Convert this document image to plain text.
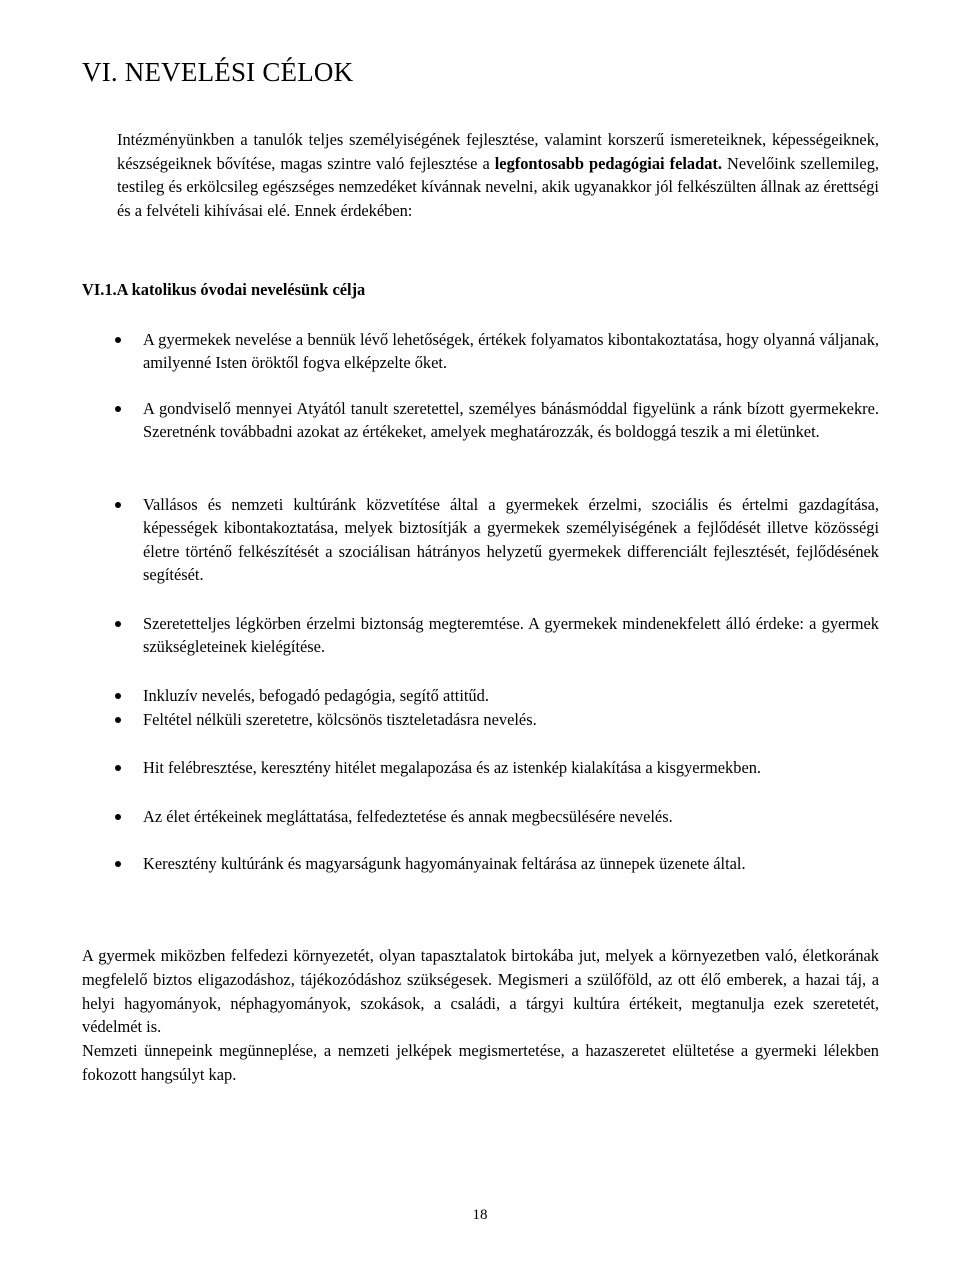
VI. NEVELÉSI CÉLOK

Intézményünkben a tanulók teljes személyiségének fejlesztése, valamint korszerű ismereteiknek, képességeiknek, készségeiknek bővítése, magas szintre való fejlesztése a legfontosabb pedagógiai feladat. Nevelőink szellemileg, testileg és erkölcsileg egészséges nemzedéket kívánnak nevelni, akik ugyanakkor jól felkészülten állnak az érettségi és a felvételi kihívásai elé. Ennek érdekében:

VI.1.A katolikus óvodai nevelésünk célja
A gyermekek nevelése a bennük lévő lehetőségek, értékek folyamatos kibontakoztatása, hogy olyanná váljanak, amilyenné Isten öröktől fogva elképzelte őket.
A gondviselő mennyei Atyától tanult szeretettel, személyes bánásmóddal figyelünk a ránk bízott gyermekekre. Szeretnénk továbbadni azokat az értékeket, amelyek meghatározzák, és boldoggá teszik a mi életünket.
Vallásos és nemzeti kultúránk közvetítése által a gyermekek érzelmi, szociális és értelmi gazdagítása, képességek kibontakoztatása, melyek biztosítják a gyermekek személyiségének a fejlődését illetve közösségi életre történő felkészítését a szociálisan hátrányos helyzetű gyermekek differenciált fejlesztését, fejlődésének segítését.
Szeretetteljes légkörben érzelmi biztonság megteremtése. A gyermekek mindenekfelett álló érdeke: a gyermek szükségleteinek kielégítése.
Inkluzív nevelés, befogadó pedagógia, segítő attitűd.
Feltétel nélküli szeretetre, kölcsönös tiszteletadásra nevelés.
Hit felébresztése, keresztény hitélet megalapozása és az istenkép kialakítása a kisgyermekben.
Az élet értékeinek megláttatása, felfedeztetése és annak megbecsülésére nevelés.
Keresztény kultúránk és magyarságunk hagyományainak feltárása az ünnepek üzenete által.

A gyermek miközben felfedezi környezetét, olyan tapasztalatok birtokába jut, melyek a környezetben való, életkorának megfelelő biztos eligazodáshoz, tájékozódáshoz szükségesek. Megismeri a szülőföld, az ott élő emberek, a hazai táj, a helyi hagyományok, néphagyományok, szokások, a családi, a tárgyi kultúra értékeit, megtanulja ezek szeretetét, védelmét is.

Nemzeti ünnepeink megünneplése, a nemzeti jelképek megismertetése, a hazaszeretet elültetése a gyermeki lélekben fokozott hangsúlyt kap.

18
